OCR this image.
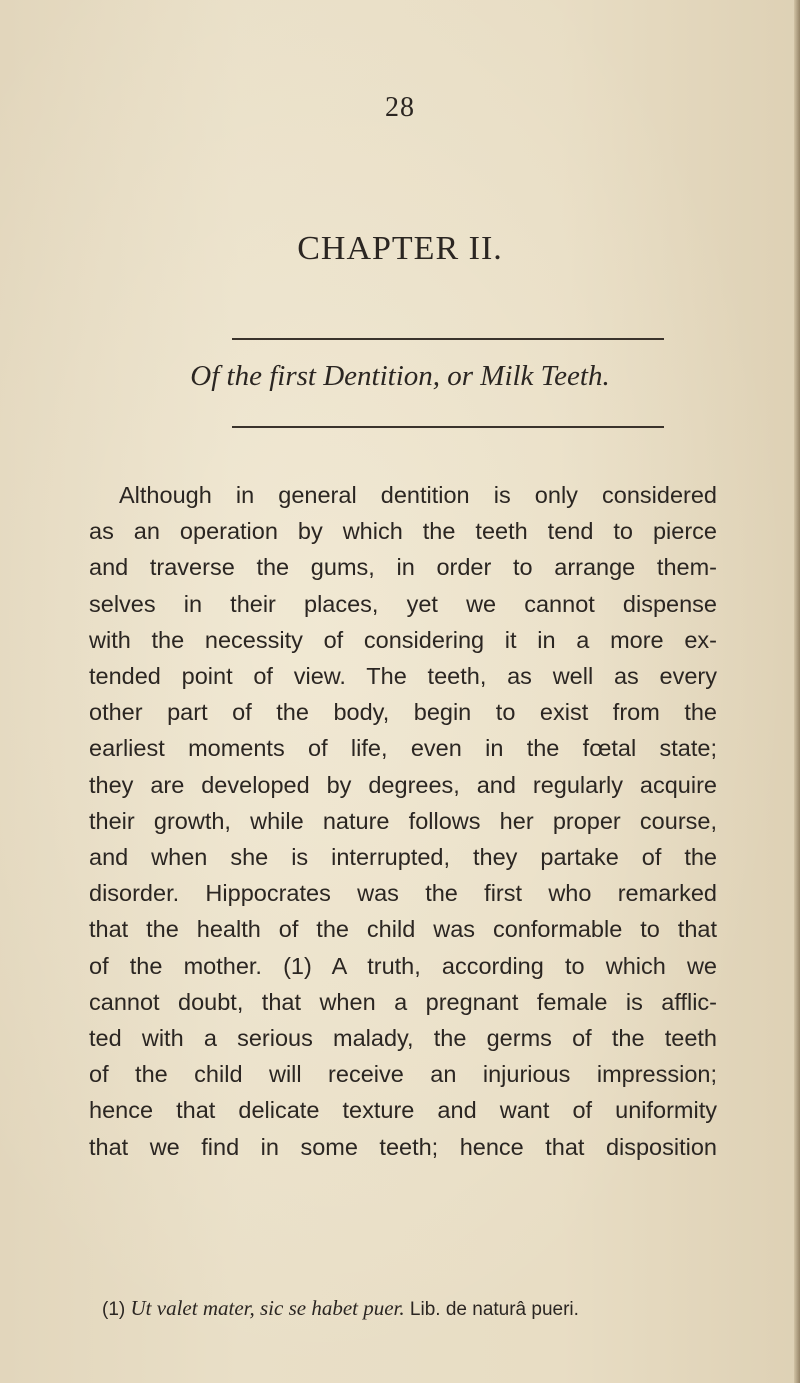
28
CHAPTER II.
Of the first Dentition, or Milk Teeth.
Although in general dentition is only considered
as an operation by which the teeth tend to pierce
and traverse the gums, in order to arrange them-
selves in their places, yet we cannot dispense
with the necessity of considering it in a more ex-
tended point of view. The teeth, as well as every
other part of the body, begin to exist from the
earliest moments of life, even in the fœtal state;
they are developed by degrees, and regularly acquire
their growth, while nature follows her proper course,
and when she is interrupted, they partake of the
disorder. Hippocrates was the first who remarked
that the health of the child was conformable to that
of the mother. (1) A truth, according to which we
cannot doubt, that when a pregnant female is afflic-
ted with a serious malady, the germs of the teeth
of the child will receive an injurious impression;
hence that delicate texture and want of uniformity
that we find in some teeth; hence that disposition
(1) Ut valet mater, sic se habet puer. Lib. de naturâ pueri.
